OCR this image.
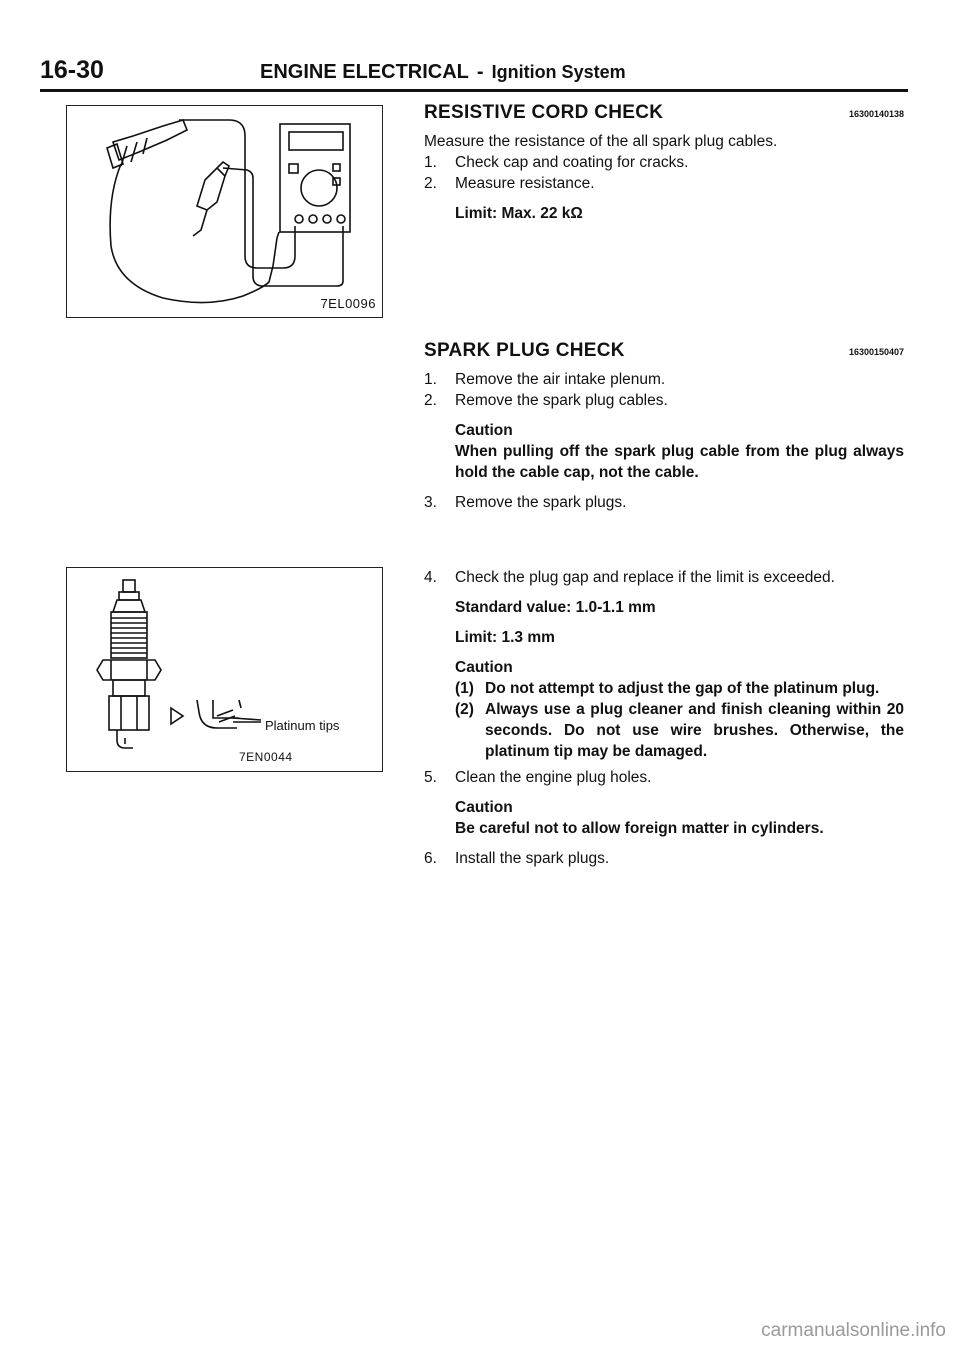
16-30	ENGINE ELECTRICAL - Ignition System
7EL0096
Platinum tips
7EN0044
RESISTIVE CORD CHECK	16300140138
Measure the resistance of the all spark plug cables.
1. Check cap and coating for cracks.
2. Measure resistance.
Limit: Max. 22 kΩ
SPARK PLUG CHECK	16300150407
1. Remove the air intake plenum.
2. Remove the spark plug cables.
Caution
When pulling off the spark plug cable from the plug always hold the cable cap, not the cable.
3. Remove the spark plugs.
4. Check the plug gap and replace if the limit is exceeded.
Standard value: 1.0-1.1 mm
Limit: 1.3 mm
Caution
(1) Do not attempt to adjust the gap of the platinum plug.
(2) Always use a plug cleaner and finish cleaning within 20 seconds. Do not use wire brushes. Otherwise, the platinum tip may be damaged.
5. Clean the engine plug holes.
Caution
Be careful not to allow foreign matter in cylinders.
6. Install the spark plugs.
carmanualsonline.info
